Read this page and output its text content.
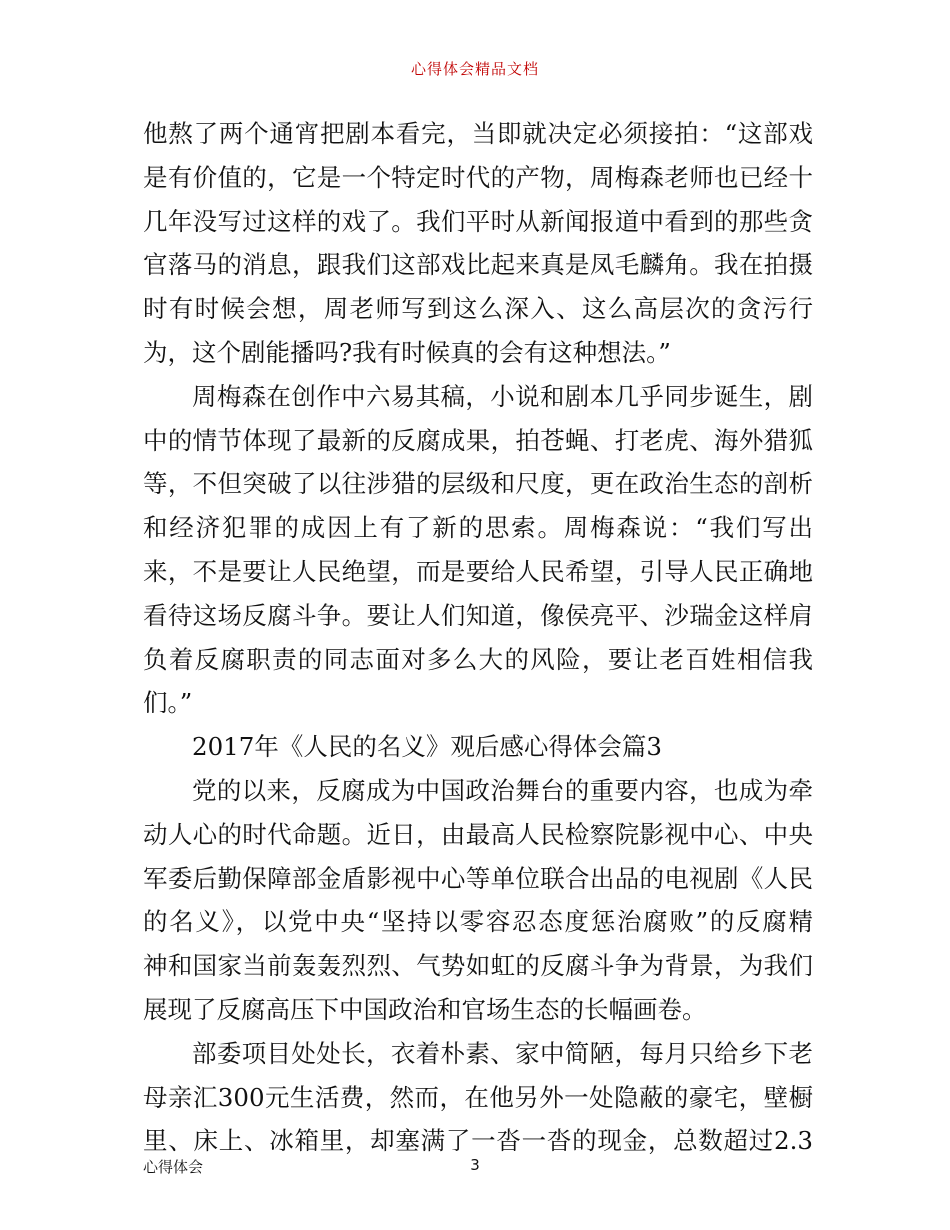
心得体会精品文档
他熬了两个通宵把剧本看完，当即就决定必须接拍：“这部戏
是有价值的，它是一个特定时代的产物，周梅森老师也已经十
几年没写过这样的戏了。我们平时从新闻报道中看到的那些贪
官落马的消息，跟我们这部戏比起来真是凤毛麟角。我在拍摄
时有时候会想，周老师写到这么深入、这么高层次的贪污行
为，这个剧能播吗?我有时候真的会有这种想法。”
周梅森在创作中六易其稿，小说和剧本几乎同步诞生，剧
中的情节体现了最新的反腐成果，拍苍蝇、打老虎、海外猎狐
等，不但突破了以往涉猎的层级和尺度，更在政治生态的剖析
和经济犯罪的成因上有了新的思索。周梅森说：“我们写出
来，不是要让人民绝望，而是要给人民希望，引导人民正确地
看待这场反腐斗争。要让人们知道，像侯亮平、沙瑞金这样肩
负着反腐职责的同志面对多么大的风险，要让老百姓相信我
们。”
2017年《人民的名义》观后感心得体会篇3
党的以来，反腐成为中国政治舞台的重要内容，也成为牵
动人心的时代命题。近日，由最高人民检察院影视中心、中央
军委后勤保障部金盾影视中心等单位联合出品的电视剧《人民
的名义》，以党中央“坚持以零容忍态度惩治腐败”的反腐精
神和国家当前轰轰烈烈、气势如虹的反腐斗争为背景，为我们
展现了反腐高压下中国政治和官场生态的长幅画卷。
部委项目处处长，衣着朴素、家中简陋，每月只给乡下老
母亲汇300元生活费，然而，在他另外一处隐蔽的豪宅，壁橱
里、床上、冰箱里，却塞满了一沓一沓的现金，总数超过2.3
心得体会	3
